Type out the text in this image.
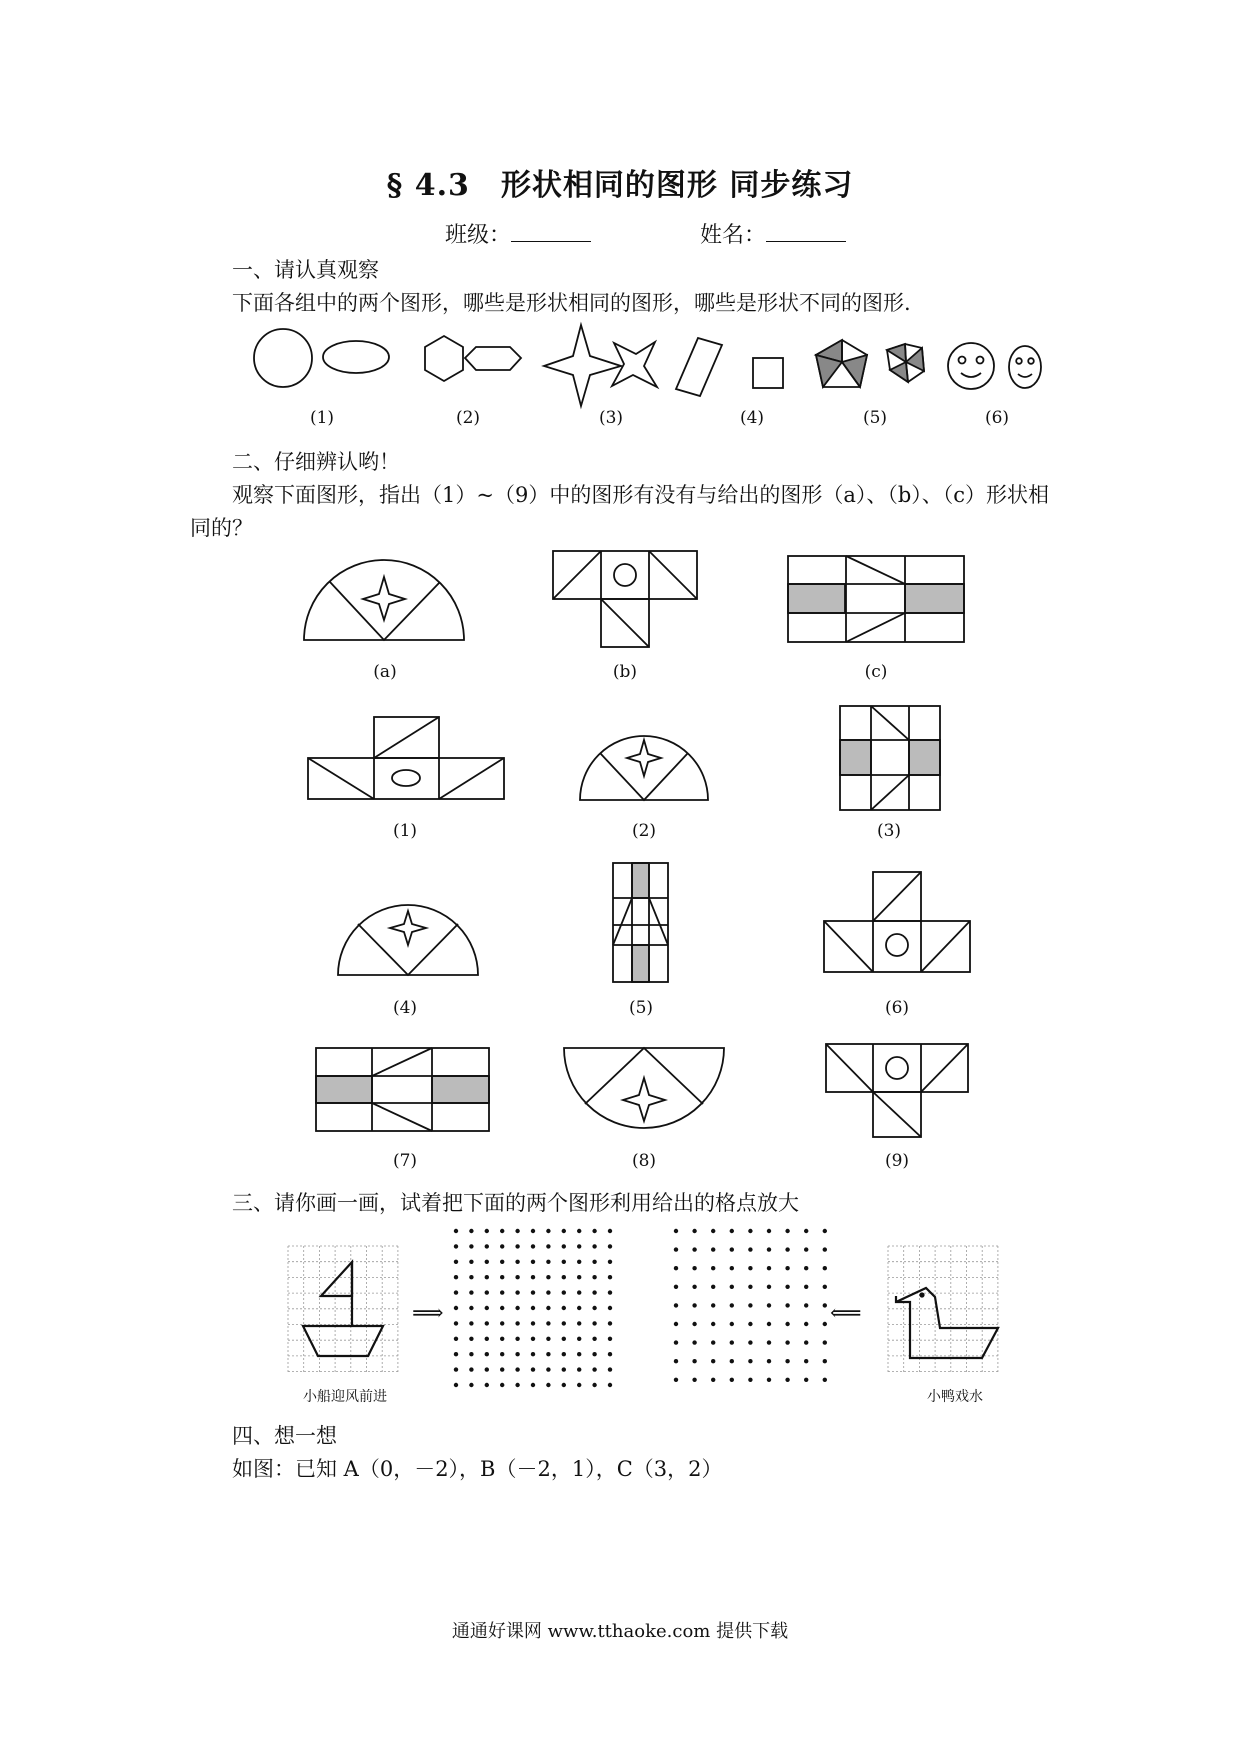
§ 4.3　形状相同的图形 同步练习
班级：	姓名：
一、请认真观察
下面各组中的两个图形，哪些是形状相同的图形，哪些是形状不同的图形.
(1)	(2)	(3)	(4)	(5)	(6)
二、仔细辨认哟！
观察下面图形，指出（1）~（9）中的图形有没有与给出的图形（a）、（b）、（c）形状相
同的？
(a)	(b)	(c)
(1)	(2)	(3)
(4)	(5)	(6)
(7)	(8)	(9)
三、请你画一画，试着把下面的两个图形利用给出的格点放大
⟹	⟸
小船迎风前进	小鸭戏水
四、想一想
如图：已知 A（0，－2），B（－2，1），C（3，2）
通通好课网 www.tthaoke.com 提供下载
